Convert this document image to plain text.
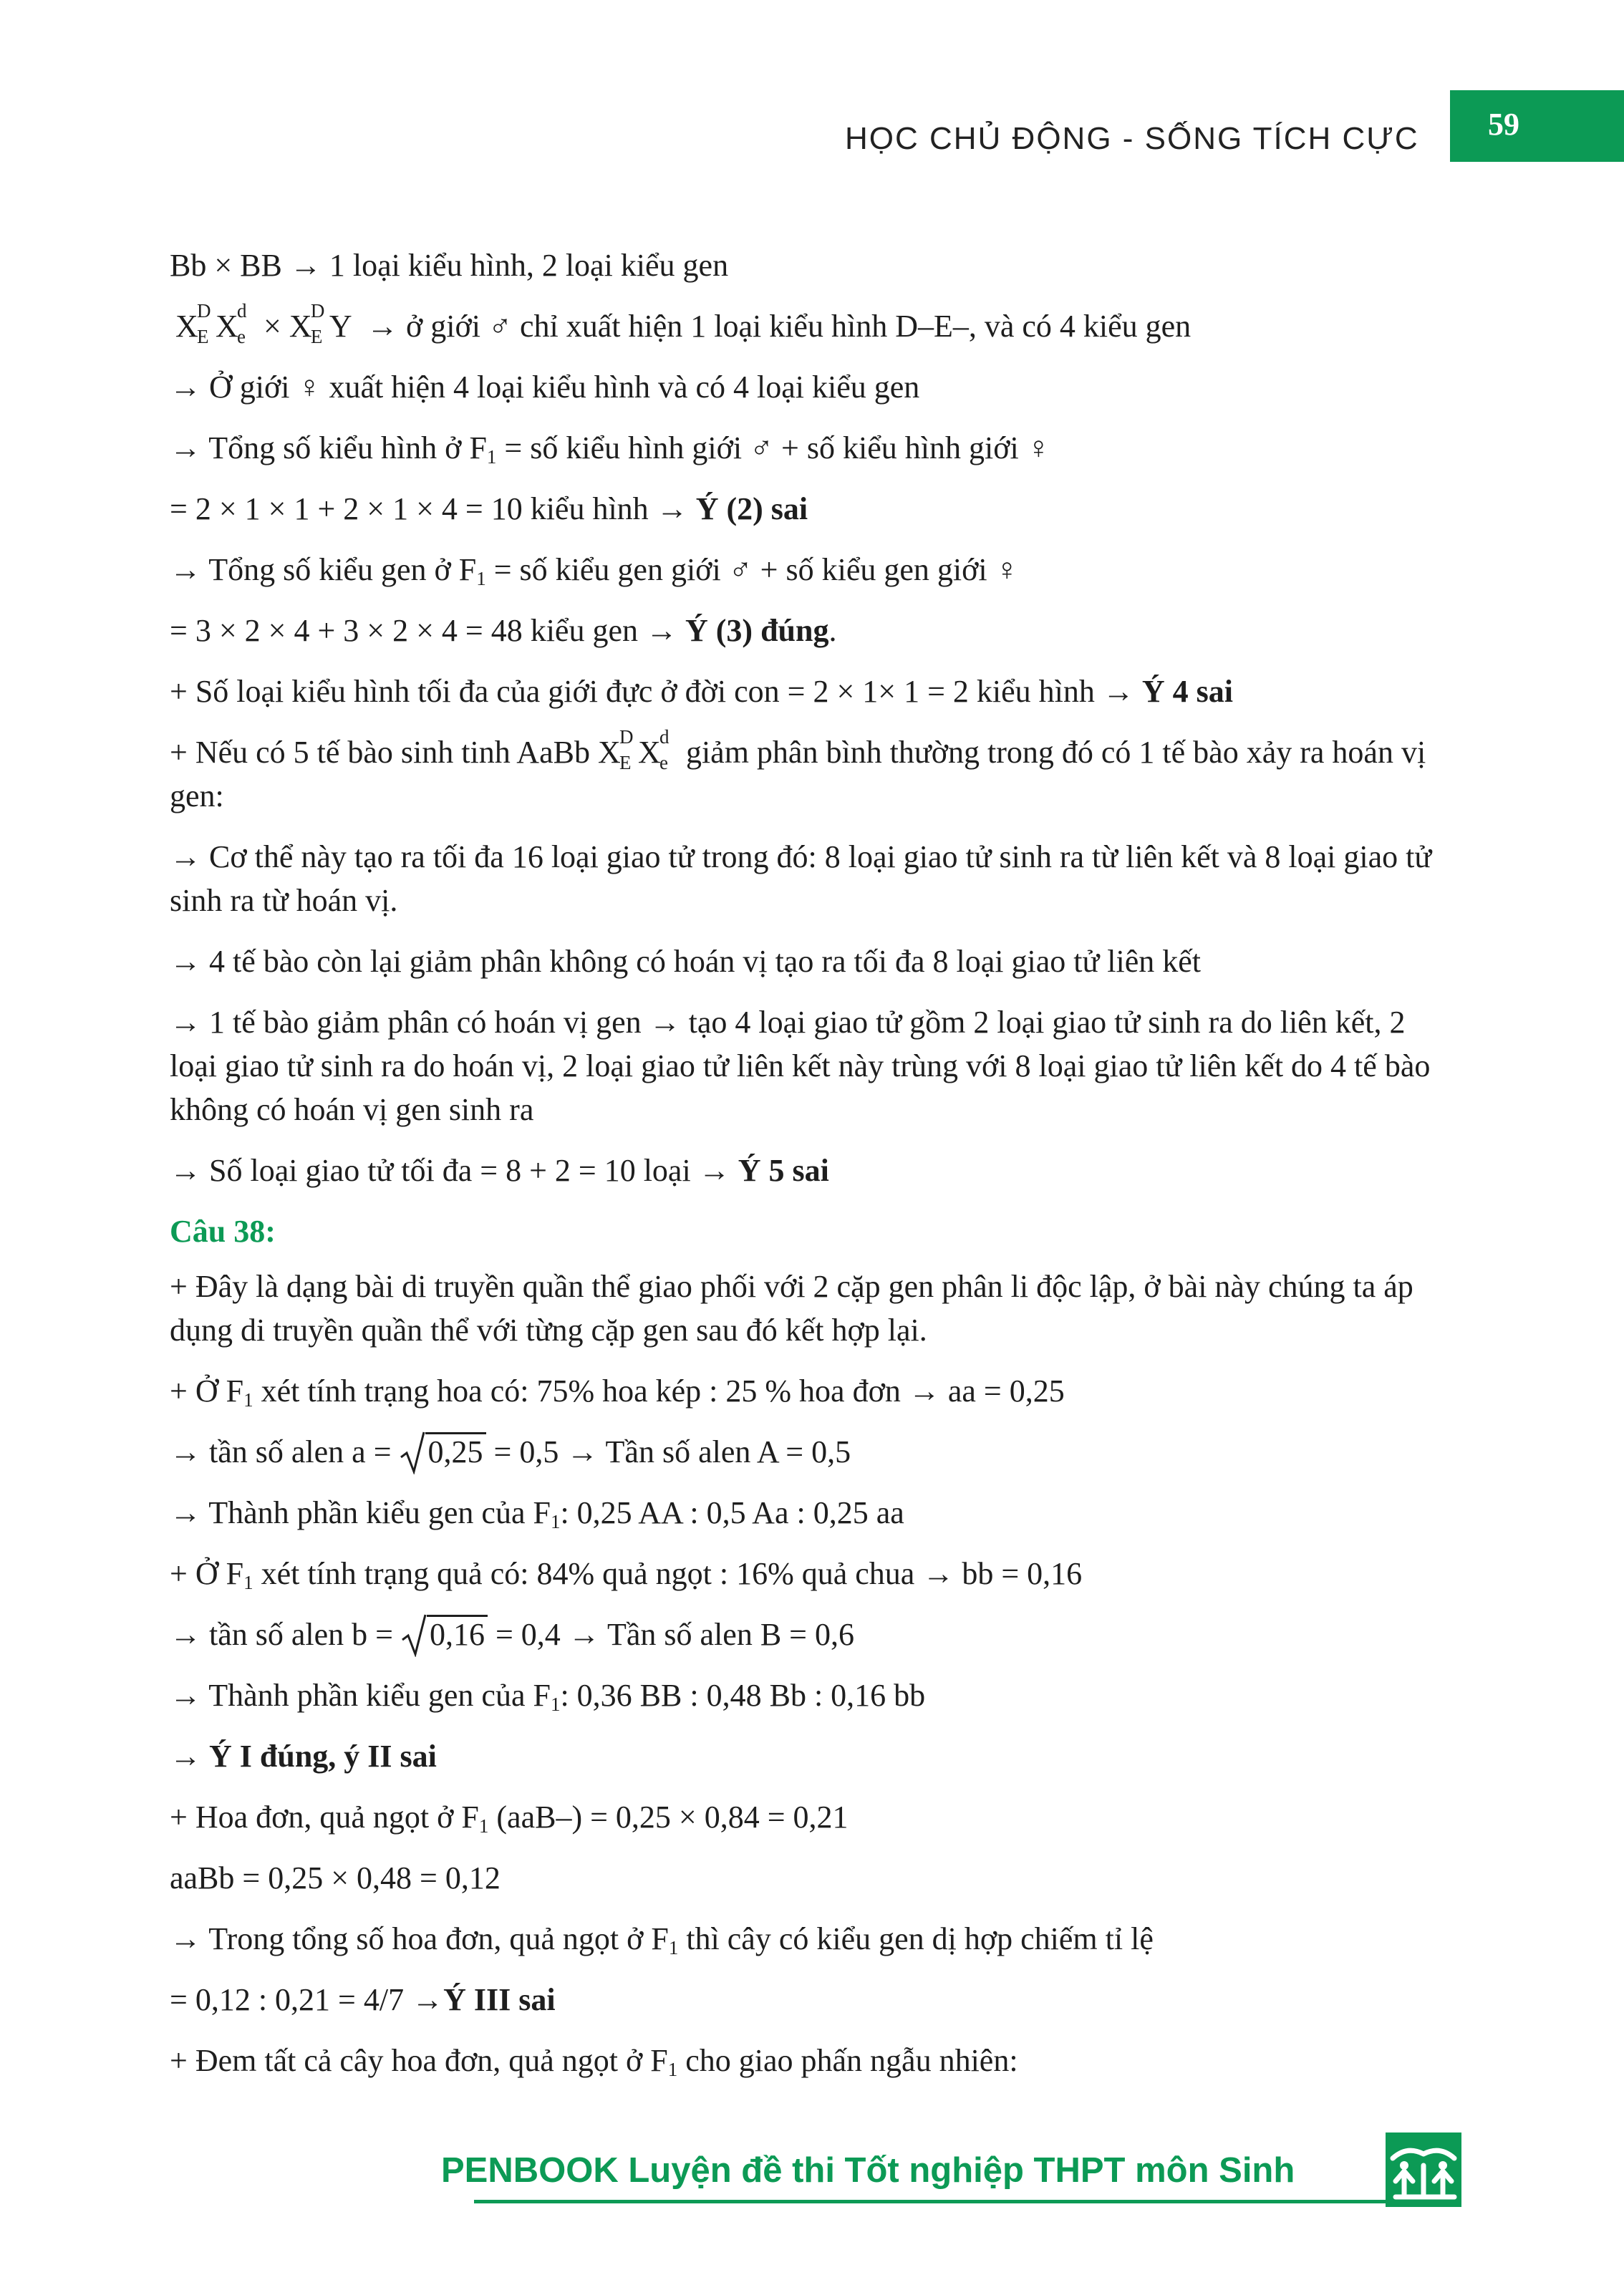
HỌC CHỦ ĐỘNG - SỐNG TÍCH CỰC	59
Bb × BB → 1 loại kiểu hình, 2 loại kiểu gen
X
D
E X
d
e × X
D
E Y → ở giới ♂ chỉ xuất hiện 1 loại kiểu hình D–E–, và có 4 kiểu gen
→ Ở giới ♀ xuất hiện 4 loại kiểu hình và có 4 loại kiểu gen
→ Tổng số kiểu hình ở $F_1$ = số kiểu hình giới ♂ + số kiểu hình giới ♀
= 2 × 1 × 1 + 2 × 1 × 4 = 10 kiểu hình → Ý (2) sai
→ Tổng số kiểu gen ở $F_1$ = số kiểu gen giới ♂ + số kiểu gen giới ♀
= 3 × 2 × 4 + 3 × 2 × 4 = 48 kiểu gen → Ý (3) đúng.
+ Số loại kiểu hình tối đa của giới đực ở đời con = 2 × 1× 1 = 2 kiểu hình → Ý 4 sai
+ Nếu có 5 tế bào sinh tinh AaBb X
D
E X
d
e giảm phân bình thường trong đó có 1 tế bào xảy ra hoán vị gen:
→ Cơ thể này tạo ra tối đa 16 loại giao tử trong đó: 8 loại giao tử sinh ra từ liên kết và 8 loại giao tử sinh ra từ hoán vị.
→ 4 tế bào còn lại giảm phân không có hoán vị tạo ra tối đa 8 loại giao tử liên kết
→ 1 tế bào giảm phân có hoán vị gen → tạo 4 loại giao tử gồm 2 loại giao tử sinh ra do liên kết, 2 loại giao tử sinh ra do hoán vị, 2 loại giao tử liên kết này trùng với 8 loại giao tử liên kết do 4 tế bào không có hoán vị gen sinh ra
→ Số loại giao tử tối đa = 8 + 2 = 10 loại → Ý 5 sai
Câu 38:
+ Đây là dạng bài di truyền quần thể giao phối với 2 cặp gen phân li độc lập, ở bài này chúng ta áp dụng di truyền quần thể với từng cặp gen sau đó kết hợp lại.
+ Ở $F_1$ xét tính trạng hoa có: 75% hoa kép : 25 % hoa đơn → aa = 0,25
→ tần số alen a =
0,25 = 0,5 → Tần số alen A = 0,5
→ Thành phần kiểu gen của $F_1$: 0,25 AA : 0,5 Aa : 0,25 aa
+ Ở $F_1$ xét tính trạng quả có: 84% quả ngọt : 16% quả chua → bb = 0,16
→ tần số alen b =
0,16 = 0,4 → Tần số alen B = 0,6
→ Thành phần kiểu gen của $F_1$: 0,36 BB : 0,48 Bb : 0,16 bb
→ Ý I đúng, ý II sai
+ Hoa đơn, quả ngọt ở $F_1$ (aaB–) = 0,25 × 0,84 = 0,21
aaBb = 0,25 × 0,48 = 0,12
→ Trong tổng số hoa đơn, quả ngọt ở $F_1$ thì cây có kiểu gen dị hợp chiếm tỉ lệ
= 0,12 : 0,21 = 4/7 →Ý III sai
+ Đem tất cả cây hoa đơn, quả ngọt ở $F_1$ cho giao phấn ngẫu nhiên:
PENBOOK Luyện đề thi Tốt nghiệp THPT môn Sinh
